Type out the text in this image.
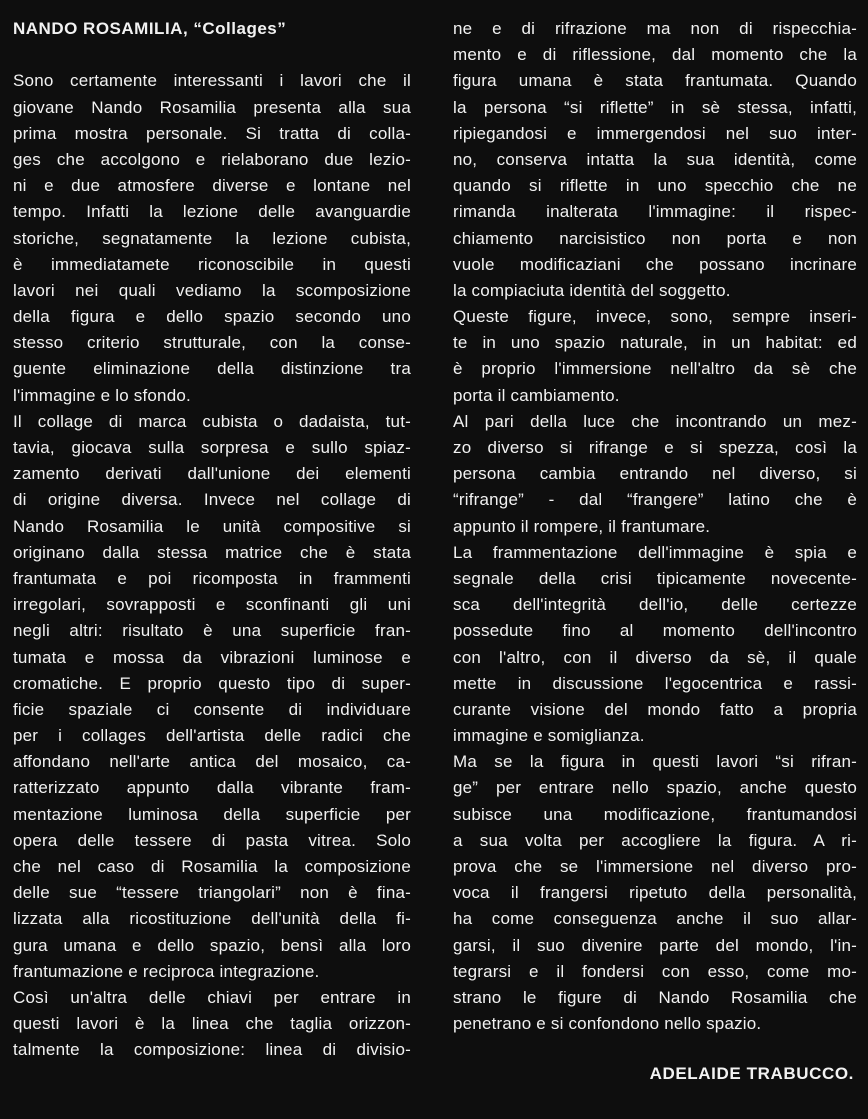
NANDO ROSAMILIA, “Collages”
Sono certamente interessanti i lavori che il
giovane Nando Rosamilia presenta alla sua
prima mostra personale. Si tratta di colla-
ges che accolgono e rielaborano due lezio-
ni e due atmosfere diverse e lontane nel
tempo. Infatti la lezione delle avanguardie
storiche, segnatamente la lezione cubista,
è immediatamete riconoscibile in questi
lavori nei quali vediamo la scomposizione
della figura e dello spazio secondo uno
stesso criterio strutturale, con la conse-
guente eliminazione della distinzione tra
l'immagine e lo sfondo.
Il collage di marca cubista o dadaista, tut-
tavia, giocava sulla sorpresa e sullo spiaz-
zamento derivati dall'unione dei elementi
di origine diversa. Invece nel collage di
Nando Rosamilia le unità compositive si
originano dalla stessa matrice che è stata
frantumata e poi ricomposta in frammenti
irregolari, sovrapposti e sconfinanti gli uni
negli altri: risultato è una superficie fran-
tumata e mossa da vibrazioni luminose e
cromatiche. E proprio questo tipo di super-
ficie spaziale ci consente di individuare
per i collages dell'artista delle radici che
affondano nell'arte antica del mosaico, ca-
ratterizzato appunto dalla vibrante fram-
mentazione luminosa della superficie per
opera delle tessere di pasta vitrea. Solo
che nel caso di Rosamilia la composizione
delle sue “tessere triangolari” non è fina-
lizzata alla ricostituzione dell'unità della fi-
gura umana e dello spazio, bensì alla loro
frantumazione e reciproca integrazione.
Così un'altra delle chiavi per entrare in
questi lavori è la linea che taglia orizzon-
talmente la composizione: linea di divisio-
ne e di rifrazione ma non di rispecchia-
mento e di riflessione, dal momento che la
figura umana è stata frantumata. Quando
la persona “si riflette” in sè stessa, infatti,
ripiegandosi e immergendosi nel suo inter-
no, conserva intatta la sua identità, come
quando si riflette in uno specchio che ne
rimanda inalterata l'immagine: il rispec-
chiamento narcisistico non porta e non
vuole modificaziani che possano incrinare
la compiaciuta identità del soggetto.
Queste figure, invece, sono, sempre inseri-
te in uno spazio naturale, in un habitat: ed
è proprio l'immersione nell'altro da sè che
porta il cambiamento.
Al pari della luce che incontrando un mez-
zo diverso si rifrange e si spezza, così la
persona cambia entrando nel diverso, si
“rifrange” - dal “frangere” latino che è
appunto il rompere, il frantumare.
La frammentazione dell'immagine è spia e
segnale della crisi tipicamente novecente-
sca dell'integrità dell'io, delle certezze
possedute fino al momento dell'incontro
con l'altro, con il diverso da sè, il quale
mette in discussione l'egocentrica e rassi-
curante visione del mondo fatto a propria
immagine e somiglianza.
Ma se la figura in questi lavori “si rifran-
ge” per entrare nello spazio, anche questo
subisce una modificazione, frantumandosi
a sua volta per accogliere la figura. A ri-
prova che se l'immersione nel diverso pro-
voca il frangersi ripetuto della personalità,
ha come conseguenza anche il suo allar-
garsi, il suo divenire parte del mondo, l'in-
tegrarsi e il fondersi con esso, come mo-
strano le figure di Nando Rosamilia che
penetrano e si confondono nello spazio.
ADELAIDE TRABUCCO.
